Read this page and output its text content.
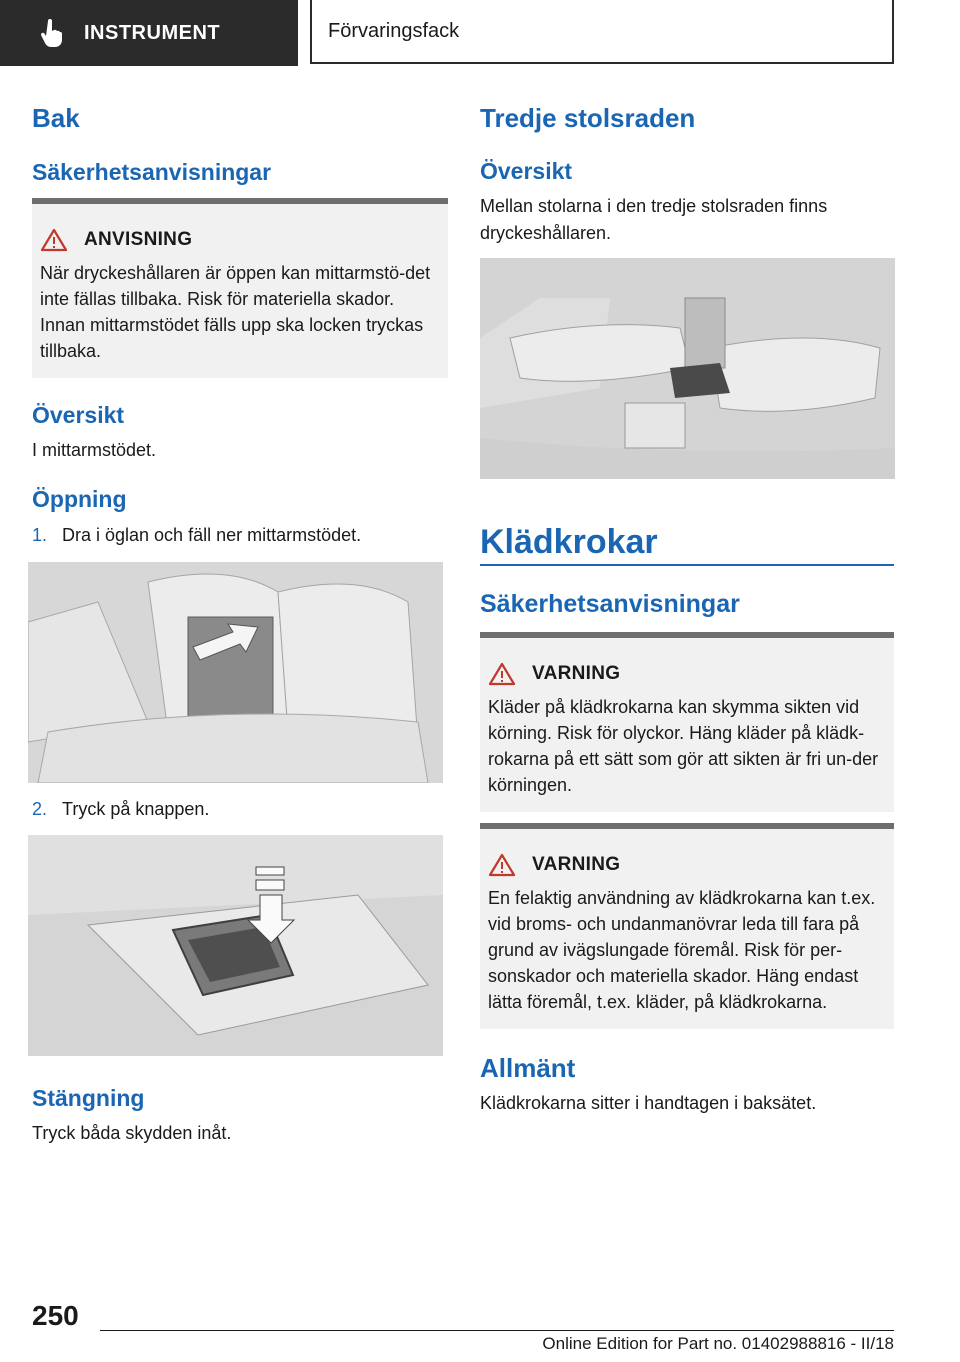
INSTRUMENT	Förvaringsfack
Bak
Säkerhetsanvisningar
ANVISNING
När dryckeshållaren är öppen kan mittarmstö-det inte fällas tillbaka. Risk för materiella skador. Innan mittarmstödet fälls upp ska locken tryckas tillbaka.
Översikt
I mittarmstödet.
Öppning
1. Dra i öglan och fäll ner mittarmstödet.
2. Tryck på knappen.
Stängning
Tryck båda skydden inåt.
Tredje stolsraden
Översikt
Mellan stolarna i den tredje stolsraden finns dryckeshållaren.
Klädkrokar
Säkerhetsanvisningar
VARNING
Kläder på klädkrokarna kan skymma sikten vid körning. Risk för olyckor. Häng kläder på klädk-rokarna på ett sätt som gör att sikten är fri un-der körningen.
VARNING
En felaktig användning av klädkrokarna kan t.ex. vid broms- och undanmanövrar leda till fara på grund av ivägslungade föremål. Risk för per-sonskador och materiella skador. Häng endast lätta föremål, t.ex. kläder, på klädkrokarna.
Allmänt
Klädkrokarna sitter i handtagen i baksätet.
250
Online Edition for Part no. 01402988816 - II/18
